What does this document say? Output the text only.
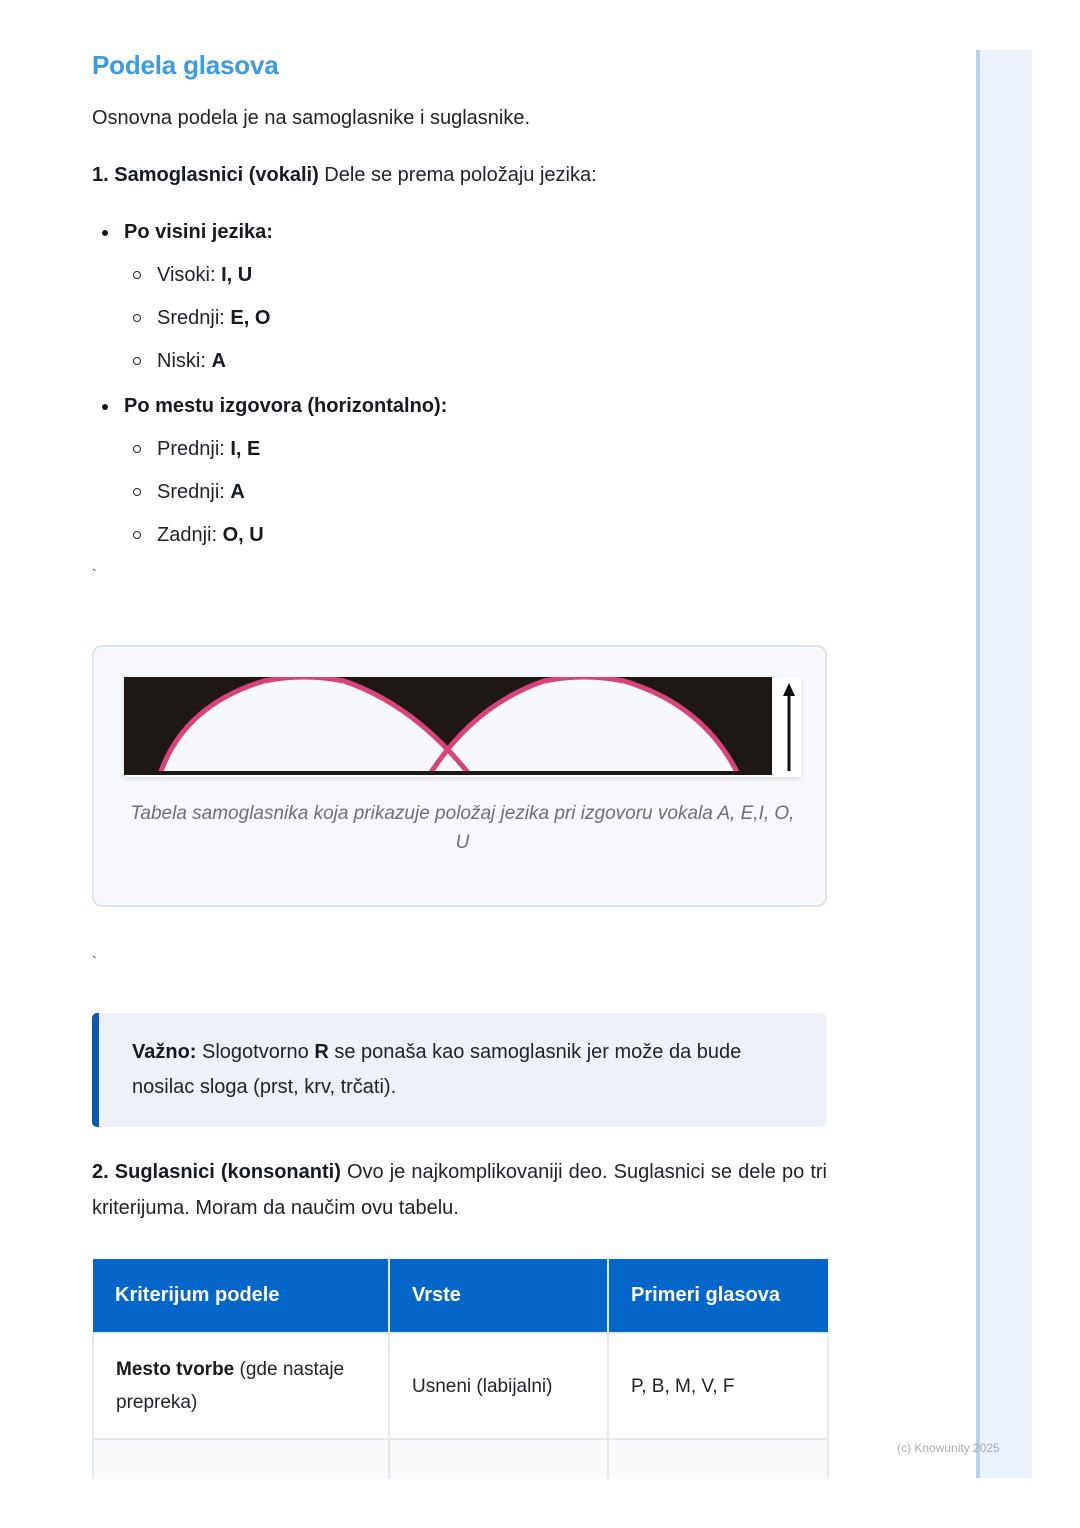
Podela glasova

Osnovna podela je na samoglasnike i suglasnike.

1. Samoglasnici (vokali) Dele se prema položaju jezika:

Po visini jezika:
Visoki: I, U
Srednji: E, O
Niski: A
Po mestu izgovora (horizontalno):
Prednji: I, E
Srednji: A
Zadnji: O, U
`

Tabela samoglasnika koja prikazuje položaj jezika pri izgovoru vokala A, E,I, O, U

`
Važno: Slogotvorno R se ponaša kao samoglasnik jer može da bude nosilac sloga (prst, krv, trčati).

2. Suglasnici (konsonanti) Ovo je najkomplikovaniji deo. Suglasnici se dele po tri kriterijuma. Moram da naučim ovu tabelu.

Kriterijum podele	Vrste	Primeri glasova
Mesto tvorbe (gde nastaje prepreka)	Usneni (labijalni)	P, B, M, V, F

(c) Knowunity 2025
